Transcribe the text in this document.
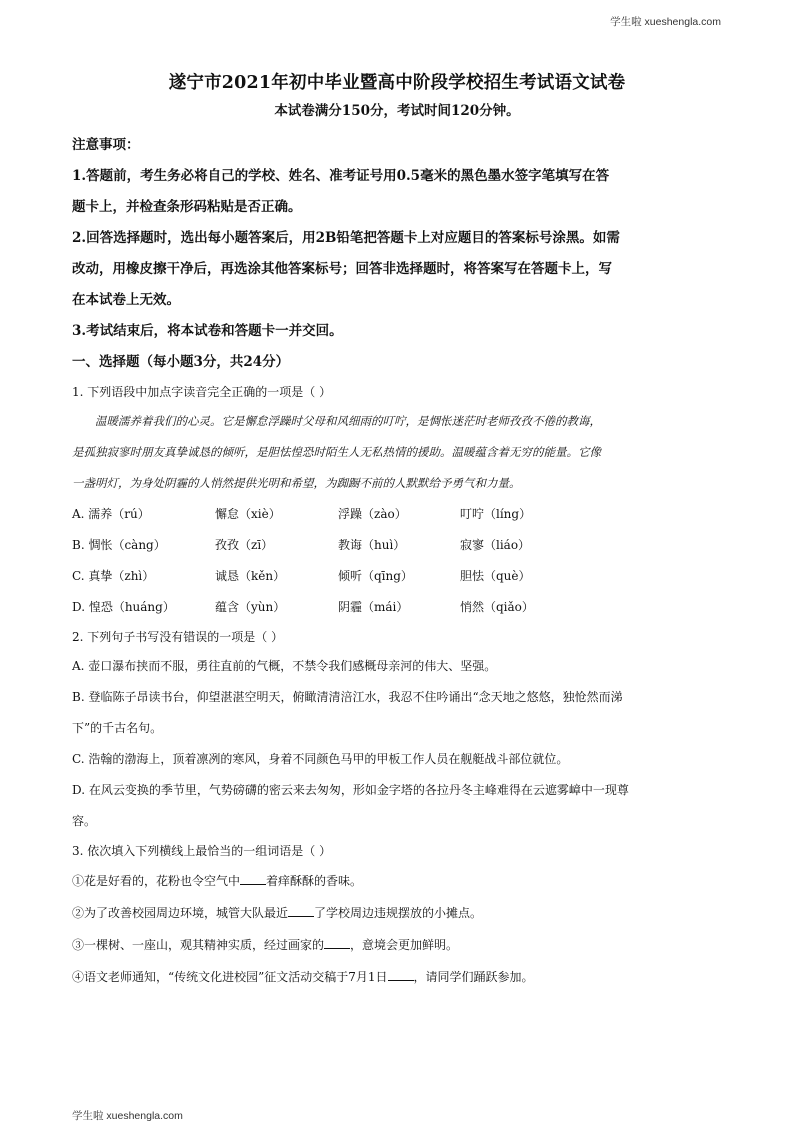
学生啦 xueshengla.com
遂宁市2021年初中毕业暨高中阶段学校招生考试语文试卷

本试卷满分150分，考试时间120分钟。

注意事项：

1.答题前，考生务必将自己的学校、姓名、准考证号用0.5毫米的黑色墨水签字笔填写在答

题卡上，并检查条形码粘贴是否正确。

2.回答选择题时，选出每小题答案后，用2B铅笔把答题卡上对应题目的答案标号涂黑。如需

改动，用橡皮擦干净后，再选涂其他答案标号；回答非选择题时，将答案写在答题卡上，写

在本试卷上无效。

3.考试结束后，将本试卷和答题卡一并交回。

一、选择题（每小题3分，共24分）

1. 下列语段中加点字读音完全正确的一项是（ ）

温暖濡养着我们的心灵。它是懈怠浮躁时父母和风细雨的叮咛，是惆怅迷茫时老师孜孜不倦的教诲，

是孤独寂寥时朋友真挚诚恳的倾听，是胆怯惶恐时陌生人无私热情的援助。温暖蕴含着无穷的能量。它像

一盏明灯，为身处阴霾的人悄然提供光明和希望，为踟蹰不前的人默默给予勇气和力量。

A. 濡养（rú）	懈怠（xiè）	浮躁（zào）	叮咛（líng）
B. 惆怅（càng）	孜孜（zī）	教诲（huì）	寂寥（liáo）
C. 真挚（zhì）	诚恳（kěn）	倾听（qīng）	胆怯（què）
D. 惶恐（huáng）	蕴含（yùn）	阴霾（mái）	悄然（qiǎo）

2. 下列句子书写没有错误的一项是（ ）

A. 壶口瀑布挟而不服，勇往直前的气概，不禁令我们感概母亲河的伟大、坚强。

B. 登临陈子昂读书台，仰望湛湛空明天，俯瞰清清涪江水，我忍不住吟诵出“念天地之悠悠，独怆然而涕

下”的千古名句。

C. 浩翰的渤海上，顶着凛冽的寒风，身着不同颜色马甲的甲板工作人员在舰艇战斗部位就位。

D. 在风云变换的季节里，气势磅礴的密云来去匆匆，形如金字塔的各拉丹冬主峰难得在云遮雾嶂中一现尊

容。

3. 依次填入下列横线上最恰当的一组词语是（ ）

①花是好看的，花粉也令空气中 着痒酥酥的香味。

②为了改善校园周边环境，城管大队最近 了学校周边违规摆放的小摊点。

③一棵树、一座山，观其精神实质，经过画家的 ，意境会更加鲜明。

④语文老师通知，“传统文化进校园”征文活动交稿于7月1日 ，请同学们踊跃参加。

学生啦 xueshengla.com
